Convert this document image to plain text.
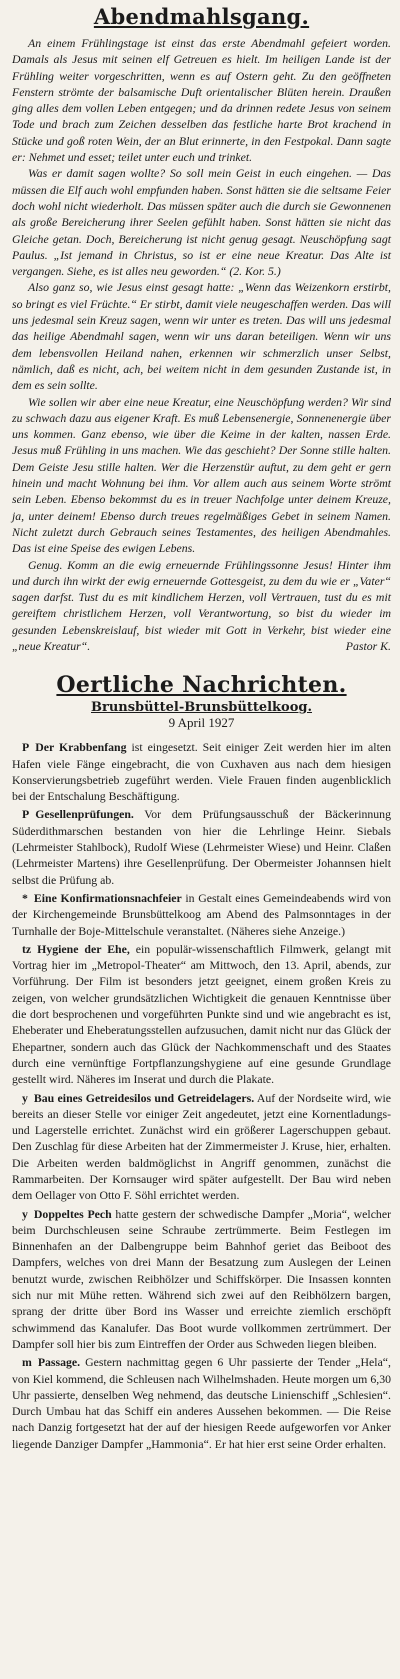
Abendmahlsgang.

An einem Frühlingstage ist einst das erste Abendmahl gefeiert worden. Damals als Jesus mit seinen elf Getreuen es hielt. Im heiligen Lande ist der Frühling weiter vorgeschritten, wenn es auf Ostern geht. Zu den geöffneten Fenstern strömte der balsamische Duft orientalischer Blüten herein. Draußen ging alles dem vollen Leben entgegen; und da drinnen redete Jesus von seinem Tode und brach zum Zeichen desselben das festliche harte Brot krachend in Stücke und goß roten Wein, der an Blut erinnerte, in den Festpokal. Dann sagte er: Nehmet und esset; teilet unter euch und trinket.

Was er damit sagen wollte? So soll mein Geist in euch eingehen. — Das müssen die Elf auch wohl empfunden haben. Sonst hätten sie die seltsame Feier doch wohl nicht wiederholt. Das müssen später auch die durch sie Gewonnenen als große Bereicherung ihrer Seelen gefühlt haben. Sonst hätten sie nicht das Gleiche getan. Doch, Bereicherung ist nicht genug gesagt. Neuschöpfung sagt Paulus. „Ist jemand in Christus, so ist er eine neue Kreatur. Das Alte ist vergangen. Siehe, es ist alles neu geworden.“ (2. Kor. 5.)

Also ganz so, wie Jesus einst gesagt hatte: „Wenn das Weizenkorn erstirbt, so bringt es viel Früchte.“ Er stirbt, damit viele neugeschaffen werden. Das will uns jedesmal sein Kreuz sagen, wenn wir unter es treten. Das will uns jedesmal das heilige Abendmahl sagen, wenn wir uns daran beteiligen. Wenn wir uns dem lebensvollen Heiland nahen, erkennen wir schmerzlich unser Selbst, nämlich, daß es nicht, ach, bei weitem nicht in dem gesunden Zustande ist, in dem es sein sollte.

Wie sollen wir aber eine neue Kreatur, eine Neuschöpfung werden? Wir sind zu schwach dazu aus eigener Kraft. Es muß Lebensenergie, Sonnenenergie über uns kommen. Ganz ebenso, wie über die Keime in der kalten, nassen Erde. Jesus muß Frühling in uns machen. Wie das geschieht? Der Sonne stille halten. Dem Geiste Jesu stille halten. Wer die Herzenstür auftut, zu dem geht er gern hinein und macht Wohnung bei ihm. Vor allem auch aus seinem Worte strömt sein Leben. Ebenso bekommst du es in treuer Nachfolge unter deinem Kreuze, ja, unter deinem! Ebenso durch treues regelmäßiges Gebet in seinem Namen. Nicht zuletzt durch Gebrauch seines Testamentes, des heiligen Abendmahles. Das ist eine Speise des ewigen Lebens.

Genug. Komm an die ewig erneuernde Frühlingssonne Jesus! Hinter ihm und durch ihn wirkt der ewig erneuernde Gottesgeist, zu dem du wie er „Vater“ sagen darfst. Tust du es mit kindlichem Herzen, voll Vertrauen, tust du es mit gereiftem christlichem Herzen, voll Verantwortung, so bist du wieder im gesunden Lebenskreislauf, bist wieder mit Gott in Verkehr, bist wieder eine „neue Kreatur“.	Pastor K.

Oertliche Nachrichten.
Brunsbüttel-Brunsbüttelkoog.
9 April 1927

P Der Krabbenfang ist eingesetzt. Seit einiger Zeit werden hier im alten Hafen viele Fänge eingebracht, die von Cuxhaven aus nach dem hiesigen Konservierungsbetrieb zugeführt werden. Viele Frauen finden augenblicklich bei der Entschalung Beschäftigung.

P Gesellenprüfungen. Vor dem Prüfungsausschuß der Bäckerinnung Süderdithmarschen bestanden von hier die Lehrlinge Heinr. Siebals (Lehrmeister Stahlbock), Rudolf Wiese (Lehrmeister Wiese) und Heinr. Claßen (Lehrmeister Martens) ihre Gesellenprüfung. Der Obermeister Johannsen hielt selbst die Prüfung ab.

* Eine Konfirmationsnachfeier in Gestalt eines Gemeindeabends wird von der Kirchengemeinde Brunsbüttelkoog am Abend des Palmsonntages in der Turnhalle der Boje-Mittelschule veranstaltet. (Näheres siehe Anzeige.)

tz Hygiene der Ehe, ein populär-wissenschaftlich Filmwerk, gelangt mit Vortrag hier im „Metropol-Theater“ am Mittwoch, den 13. April, abends, zur Vorführung. Der Film ist besonders jetzt geeignet, einem großen Kreis zu zeigen, von welcher grundsätzlichen Wichtigkeit die genauen Kenntnisse über die dort besprochenen und vorgeführten Punkte sind und wie angebracht es ist, Eheberater und Eheberatungsstellen aufzusuchen, damit nicht nur das Glück der Ehepartner, sondern auch das Glück der Nachkommenschaft und des Staates durch eine vernünftige Fortpflanzungshygiene auf eine gesunde Grundlage gestellt wird. Näheres im Inserat und durch die Plakate.

y Bau eines Getreidesilos und Getreidelagers. Auf der Nordseite wird, wie bereits an dieser Stelle vor einiger Zeit angedeutet, jetzt eine Kornentladungs- und Lagerstelle errichtet. Zunächst wird ein größerer Lagerschuppen gebaut. Den Zuschlag für diese Arbeiten hat der Zimmermeister J. Kruse, hier, erhalten. Die Arbeiten werden baldmöglichst in Angriff genommen, zunächst die Rammarbeiten. Der Kornsauger wird später aufgestellt. Der Bau wird neben dem Oellager von Otto F. Söhl errichtet werden.

y Doppeltes Pech hatte gestern der schwedische Dampfer „Moria“, welcher beim Durchschleusen seine Schraube zertrümmerte. Beim Festlegen im Binnenhafen an der Dalbengruppe beim Bahnhof geriet das Beiboot des Dampfers, welches von drei Mann der Besatzung zum Auslegen der Leinen benutzt wurde, zwischen Reibhölzer und Schiffskörper. Die Insassen konnten sich nur mit Mühe retten. Während sich zwei auf den Reibhölzern bargen, sprang der dritte über Bord ins Wasser und erreichte ziemlich erschöpft schwimmend das Kanalufer. Das Boot wurde vollkommen zertrümmert. Der Dampfer soll hier bis zum Eintreffen der Order aus Schweden liegen bleiben.

m Passage. Gestern nachmittag gegen 6 Uhr passierte der Tender „Hela“, von Kiel kommend, die Schleusen nach Wilhelmshaden. Heute morgen um 6,30 Uhr passierte, denselben Weg nehmend, das deutsche Linienschiff „Schlesien“. Durch Umbau hat das Schiff ein anderes Aussehen bekommen. — Die Reise nach Danzig fortgesetzt hat der auf der hiesigen Reede aufgeworfen vor Anker liegende Danziger Dampfer „Hammonia“. Er hat hier erst seine Order erhalten.
